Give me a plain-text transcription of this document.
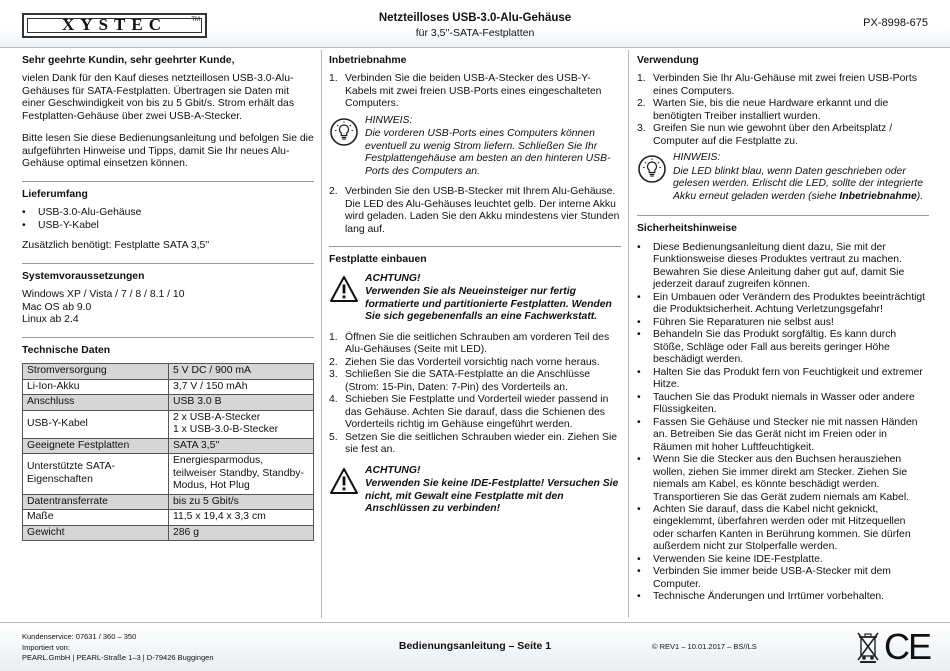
XYSTEC	TM	Netzteilloses USB-3.0-Alu-Gehäuse
für 3,5''-SATA-Festplatten
PX-8998-675
Sehr geehrte Kundin, sehr geehrter Kunde,

vielen Dank für den Kauf dieses netzteillosen USB-3.0-Alu-Gehäuses für SATA-Festplatten. Übertragen sie Daten mit einer Geschwindigkeit von bis zu 5 Gbit/s. Strom erhält das Festplatten-Gehäuse über zwei USB-A-Stecker.

Bitte lesen Sie diese Bedienungsanleitung und befolgen Sie die aufgeführten Hinweise und Tipps, damit Sie Ihr neues Alu-Gehäuse optimal einsetzen können.

Lieferumfang
•	USB-3.0-Alu-Gehäuse
•	USB-Y-Kabel

Zusätzlich benötigt: Festplatte SATA 3,5''

Systemvoraussetzungen
Windows XP / Vista / 7 / 8 / 8.1 / 10
Mac OS ab 9.0
Linux ab 2.4
Technische Daten
Stromversorgung	5 V DC / 900 mA
Li-Ion-Akku	3,7 V / 150 mAh
Anschluss	USB 3.0 B
USB-Y-Kabel	2 x USB-A-Stecker
1 x USB-3.0-B-Stecker
Geeignete Festplatten	SATA 3,5''
Unterstützte SATA-Eigenschaften	Energiesparmodus, teilweiser Standby, Standby-Modus, Hot Plug
Datentransferrate	bis zu 5 Gbit/s
Maße	11,5 x 19,4 x 3,3 cm
Gewicht	286 g
Inbetriebnahme
1. Verbinden Sie die beiden USB-A-Stecker des USB-Y-Kabels mit zwei freien USB-Ports eines eingeschalteten Computers.
HINWEIS:
Die vorderen USB-Ports eines Computers können eventuell zu wenig Strom liefern. Schließen Sie Ihr Festplattengehäuse am besten an den hinteren USB-Ports des Computers an.
2. Verbinden Sie den USB-B-Stecker mit Ihrem Alu-Gehäuse. Die LED des Alu-Gehäuses leuchtet gelb. Der interne Akku wird geladen. Laden Sie den Akku mindestens vier Stunden lang auf.
Festplatte einbauen
ACHTUNG!
Verwenden Sie als Neueinsteiger nur fertig formatierte und partitionierte Festplatten. Wenden Sie sich gegebenenfalls an eine Fachwerkstatt.
1. Öffnen Sie die seitlichen Schrauben am vorderen Teil des Alu-Gehäuses (Seite mit LED).
2. Ziehen Sie das Vorderteil vorsichtig nach vorne heraus.
3. Schließen Sie die SATA-Festplatte an die Anschlüsse (Strom: 15-Pin, Daten: 7-Pin) des Vorderteils an.
4. Schieben Sie Festplatte und Vorderteil wieder passend in das Gehäuse. Achten Sie darauf, dass die Schienen des Vorderteils richtig im Gehäuse eingeführt werden.
5. Setzen Sie die seitlichen Schrauben wieder ein. Ziehen Sie sie fest an.
ACHTUNG!
Verwenden Sie keine IDE-Festplatte! Versuchen Sie nicht, mit Gewalt eine Festplatte mit den Anschlüssen zu verbinden!
Verwendung
1. Verbinden Sie Ihr Alu-Gehäuse mit zwei freien USB-Ports eines Computers.
2. Warten Sie, bis die neue Hardware erkannt und die benötigten Treiber installiert wurden.
3. Greifen Sie nun wie gewohnt über den Arbeitsplatz / Computer auf die Festplatte zu.
HINWEIS:
Die LED blinkt blau, wenn Daten geschrieben oder gelesen werden. Erlischt die LED, sollte der integrierte Akku erneut geladen werden (siehe Inbetriebnahme).
Sicherheitshinweise
•	Diese Bedienungsanleitung dient dazu, Sie mit der Funktionsweise dieses Produktes vertraut zu machen. Bewahren Sie diese Anleitung daher gut auf, damit Sie jederzeit darauf zugreifen können.
•	Ein Umbauen oder Verändern des Produktes beeinträchtigt die Produktsicherheit. Achtung Verletzungsgefahr!
•	Führen Sie Reparaturen nie selbst aus!
•	Behandeln Sie das Produkt sorgfältig. Es kann durch Stöße, Schläge oder Fall aus bereits geringer Höhe beschädigt werden.
•	Halten Sie das Produkt fern von Feuchtigkeit und extremer Hitze.
•	Tauchen Sie das Produkt niemals in Wasser oder andere Flüssigkeiten.
•	Fassen Sie Gehäuse und Stecker nie mit nassen Händen an. Betreiben Sie das Gerät nicht im Freien oder in Räumen mit hoher Luftfeuchtigkeit.
•	Wenn Sie die Stecker aus den Buchsen herausziehen wollen, ziehen Sie immer direkt am Stecker. Ziehen Sie niemals am Kabel, es könnte beschädigt werden. Transportieren Sie das Gerät zudem niemals am Kabel.
•	Achten Sie darauf, dass die Kabel nicht geknickt, eingeklemmt, überfahren werden oder mit Hitzequellen oder scharfen Kanten in Berührung kommen. Sie dürfen außerdem nicht zur Stolperfalle werden.
•	Verwenden Sie keine IDE-Festplatte.
•	Verbinden Sie immer beide USB-A-Stecker mit dem Computer.
•	Technische Änderungen und Irrtümer vorbehalten.
Kundenservice: 07631 / 360 – 350
Importiert von:
PEARL.GmbH | PEARL-Straße 1–3 | D-79426 Buggingen
Bedienungsanleitung – Seite 1	© REV1 – 10.01.2017 – BS//LS	CE
